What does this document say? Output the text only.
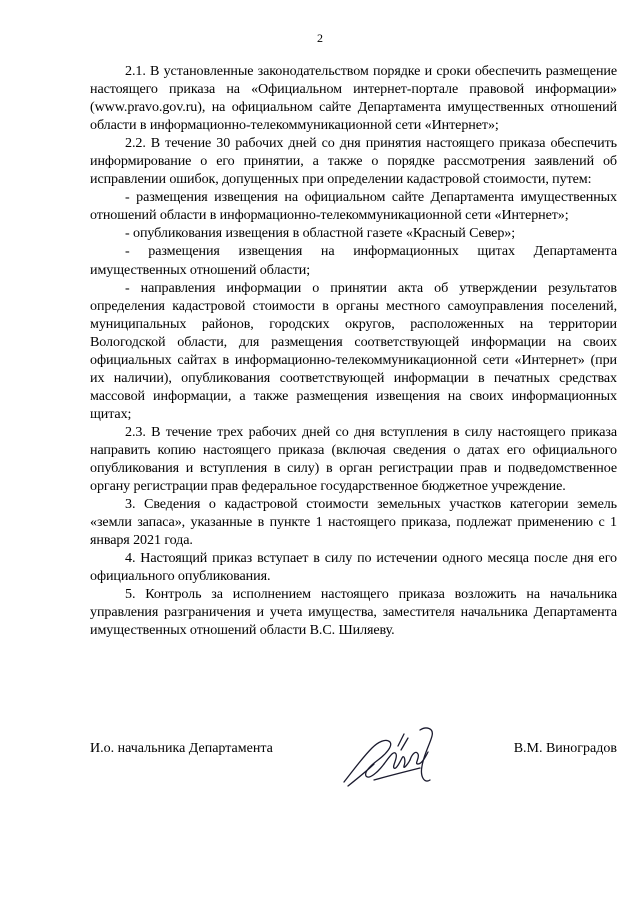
2

2.1. В установленные законодательством порядке и сроки обеспечить размещение настоящего приказа на «Официальном интернет-портале правовой информации» (www.pravo.gov.ru), на официальном сайте Департамента имущественных отношений области в информационно-телекоммуникационной сети «Интернет»;

2.2. В течение 30 рабочих дней со дня принятия настоящего приказа обеспечить информирование о его принятии, а также о порядке рассмотрения заявлений об исправлении ошибок, допущенных при определении кадастровой стоимости, путем:

- размещения извещения на официальном сайте Департамента имущественных отношений области в информационно-телекоммуникационной сети «Интернет»;

- опубликования извещения в областной газете «Красный Север»;

- размещения извещения на информационных щитах Департамента имущественных отношений области;

- направления информации о принятии акта об утверждении результатов определения кадастровой стоимости в органы местного самоуправления поселений, муниципальных районов, городских округов, расположенных на территории Вологодской области, для размещения соответствующей информации на своих официальных сайтах в информационно-телекоммуникационной сети «Интернет» (при их наличии), опубликования соответствующей информации в печатных средствах массовой информации, а также размещения извещения на своих информационных щитах;

2.3. В течение трех рабочих дней со дня вступления в силу настоящего приказа направить копию настоящего приказа (включая сведения о датах его официального опубликования и вступления в силу) в орган регистрации прав и подведомственное органу регистрации прав федеральное государственное бюджетное учреждение.

3. Сведения о кадастровой стоимости земельных участков категории земель «земли запаса», указанные в пункте 1 настоящего приказа, подлежат применению с 1 января 2021 года.

4. Настоящий приказ вступает в силу по истечении одного месяца после дня его официального опубликования.

5. Контроль за исполнением настоящего приказа возложить на начальника управления разграничения и учета имущества, заместителя начальника Департамента имущественных отношений области В.С. Шиляеву.

И.о. начальника Департамента	В.М. Виноградов
